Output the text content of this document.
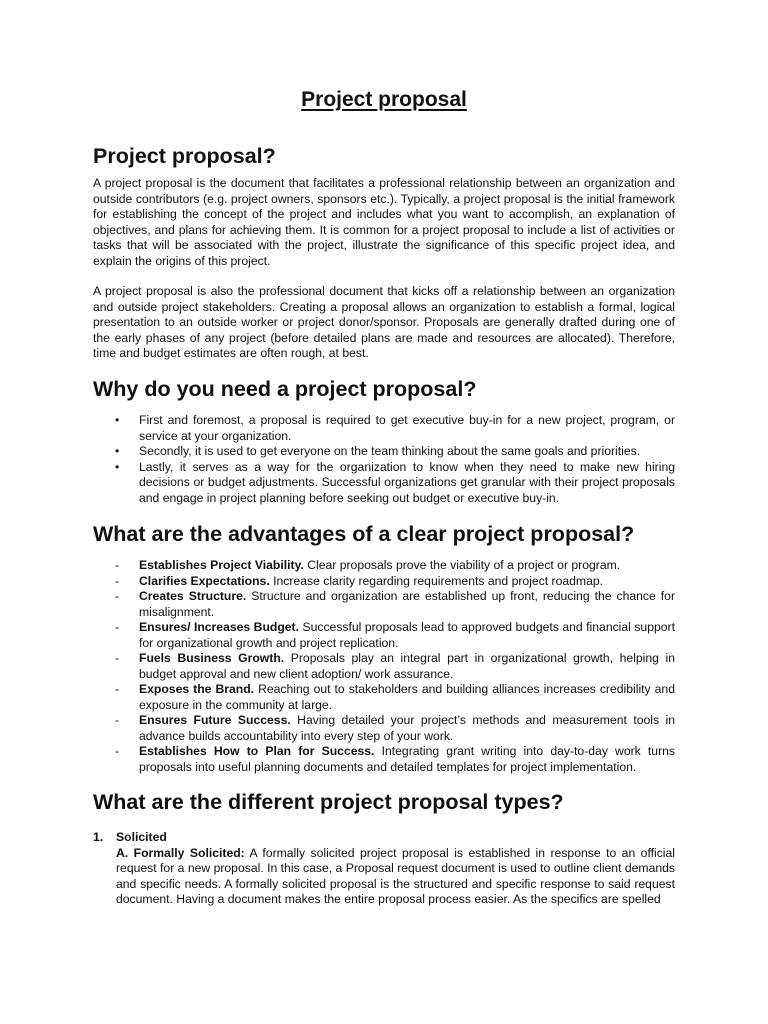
Project proposal
Project proposal?

A project proposal is the document that facilitates a professional relationship between an organization and outside contributors (e.g. project owners, sponsors etc.). Typically, a project proposal is the initial framework for establishing the concept of the project and includes what you want to accomplish, an explanation of objectives, and plans for achieving them. It is common for a project proposal to include a list of activities or tasks that will be associated with the project, illustrate the significance of this specific project idea, and explain the origins of this project.

A project proposal is also the professional document that kicks off a relationship between an organization and outside project stakeholders. Creating a proposal allows an organization to establish a formal, logical presentation to an outside worker or project donor/sponsor. Proposals are generally drafted during one of the early phases of any project (before detailed plans are made and resources are allocated). Therefore, time and budget estimates are often rough, at best.

Why do you need a project proposal?
• First and foremost, a proposal is required to get executive buy-in for a new project, program, or service at your organization.
• Secondly, it is used to get everyone on the team thinking about the same goals and priorities.
• Lastly, it serves as a way for the organization to know when they need to make new hiring decisions or budget adjustments. Successful organizations get granular with their project proposals and engage in project planning before seeking out budget or executive buy-in.
What are the advantages of a clear project proposal?
- Establishes Project Viability. Clear proposals prove the viability of a project or program.
- Clarifies Expectations. Increase clarity regarding requirements and project roadmap.
- Creates Structure. Structure and organization are established up front, reducing the chance for misalignment.
- Ensures/ Increases Budget. Successful proposals lead to approved budgets and financial support for organizational growth and project replication.
- Fuels Business Growth. Proposals play an integral part in organizational growth, helping in budget approval and new client adoption/ work assurance.
- Exposes the Brand. Reaching out to stakeholders and building alliances increases credibility and exposure in the community at large.
- Ensures Future Success. Having detailed your project’s methods and measurement tools in advance builds accountability into every step of your work.
- Establishes How to Plan for Success. Integrating grant writing into day-to-day work turns proposals into useful planning documents and detailed templates for project implementation.
What are the different project proposal types?
1.	Solicited
A. Formally Solicited: A formally solicited project proposal is established in response to an official request for a new proposal. In this case, a Proposal request document is used to outline client demands and specific needs. A formally solicited proposal is the structured and specific response to said request document. Having a document makes the entire proposal process easier. As the specifics are spelled
